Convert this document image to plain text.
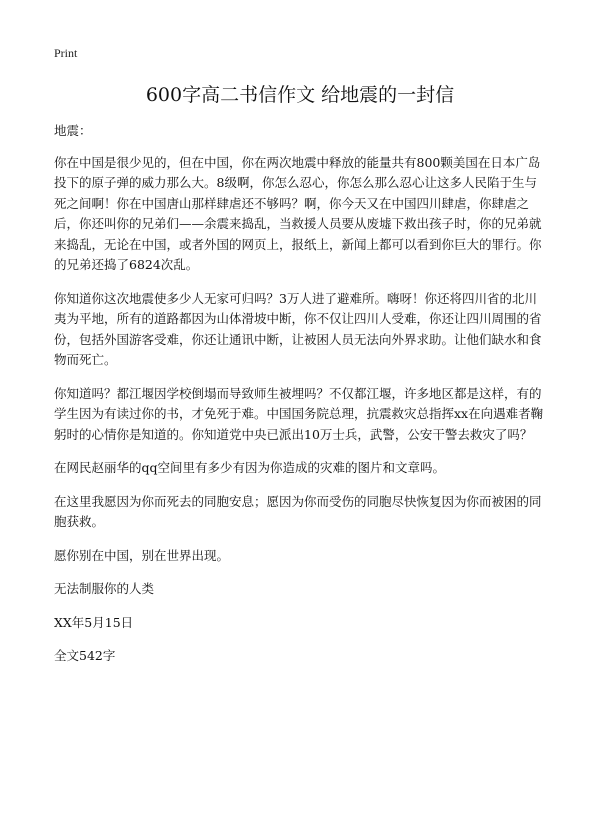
Print
600字高二书信作文 给地震的一封信

地震：

你在中国是很少见的，但在中国，你在两次地震中释放的能量共有800颗美国在日本广岛投下的原子弹的威力那么大。8级啊，你怎么忍心，你怎么那么忍心让这多人民陷于生与死之间啊！你在中国唐山那样肆虐还不够吗？啊，你今天又在中国四川肆虐，你肆虐之后，你还叫你的兄弟们——余震来捣乱，当救援人员要从废墟下救出孩子时，你的兄弟就来捣乱，无论在中国，或者外国的网页上，报纸上，新闻上都可以看到你巨大的罪行。你的兄弟还捣了6824次乱。

你知道你这次地震使多少人无家可归吗？3万人进了避难所。嗨呀！你还将四川省的北川夷为平地，所有的道路都因为山体滑坡中断，你不仅让四川人受难，你还让四川周围的省份，包括外国游客受难，你还让通讯中断，让被困人员无法向外界求助。让他们缺水和食物而死亡。

你知道吗？都江堰因学校倒塌而导致师生被埋吗？不仅都江堰，许多地区都是这样，有的学生因为有读过你的书，才免死于难。中国国务院总理，抗震救灾总指挥xx在向遇难者鞠躬时的心情你是知道的。你知道党中央已派出10万士兵，武警，公安干警去救灾了吗？

在网民赵丽华的qq空间里有多少有因为你造成的灾难的图片和文章吗。

在这里我愿因为你而死去的同胞安息；愿因为你而受伤的同胞尽快恢复因为你而被困的同胞获救。

愿你别在中国，别在世界出现。

无法制服你的人类

XX年5月15日

全文542字
